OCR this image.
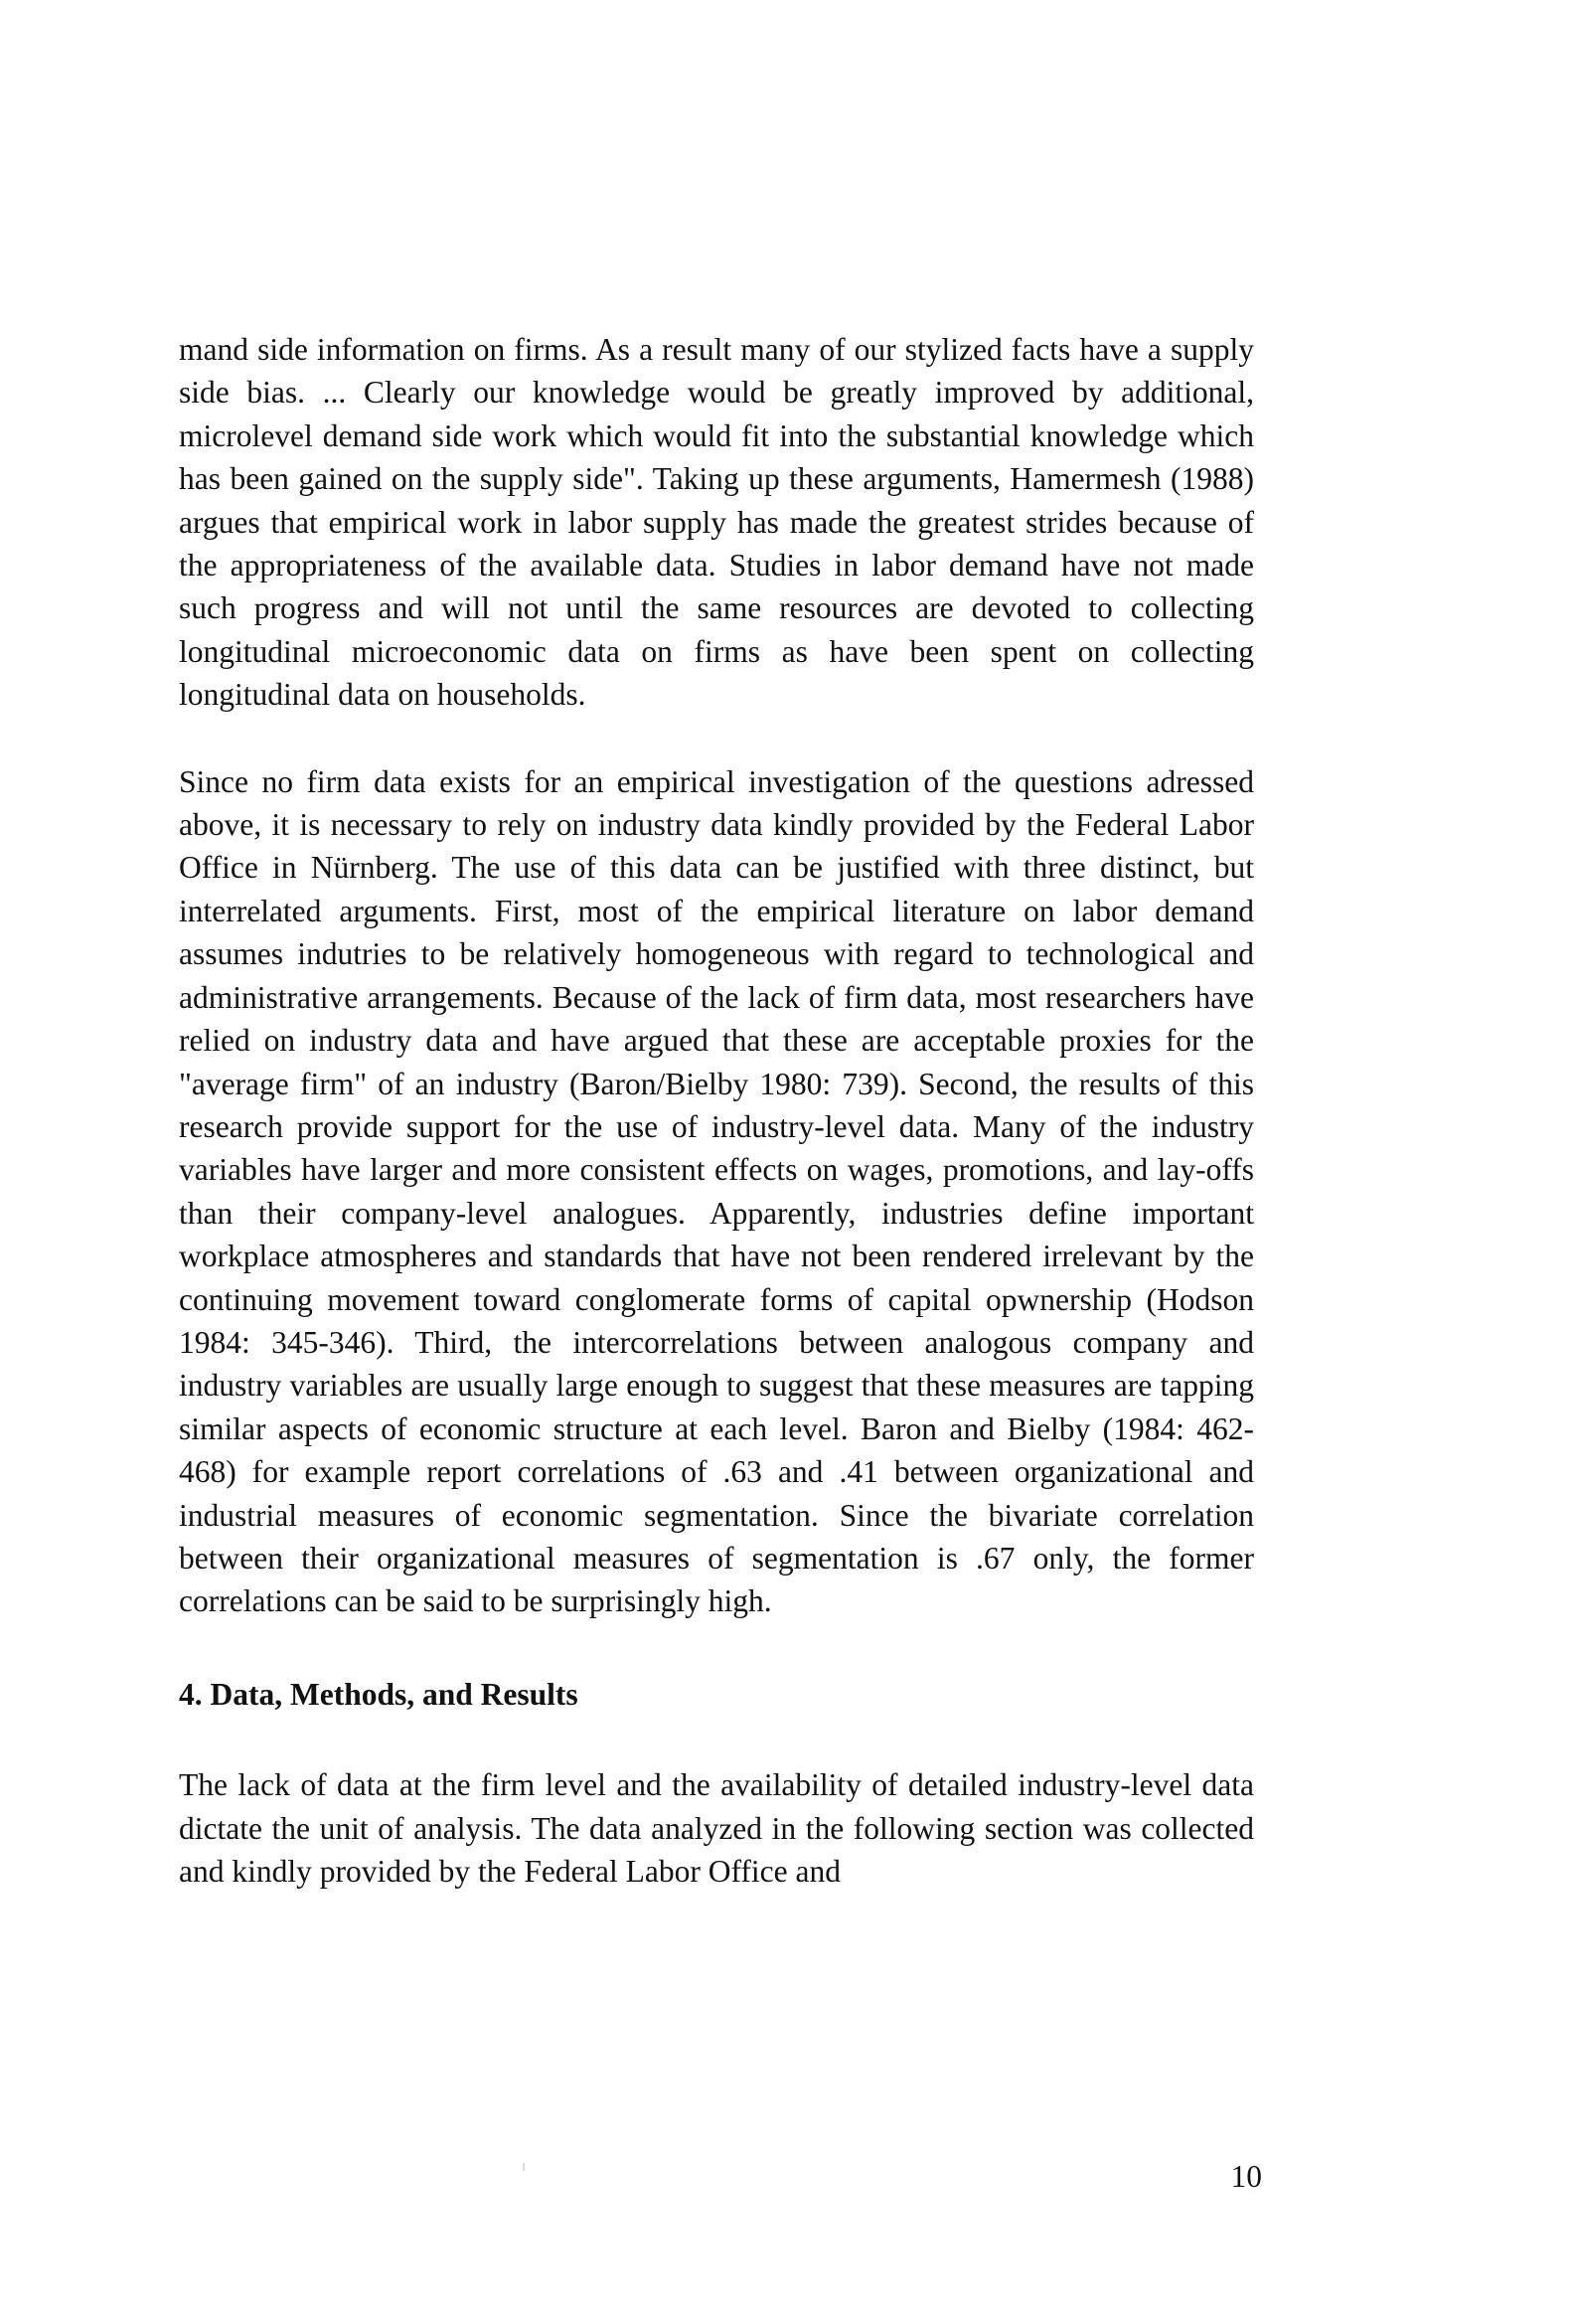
mand side information on firms. As a result many of our stylized facts have a supply side bias. ... Clearly our knowledge would be greatly improved by additional, microlevel demand side work which would fit into the substantial knowledge which has been gained on the supply side". Taking up these arguments, Hamermesh (1988) argues that empirical work in labor supply has made the greatest strides because of the appropriateness of the available data. Studies in labor demand have not made such progress and will not until the same resources are devoted to collecting longitudinal microeconomic data on firms as have been spent on collecting longitudinal data on households.

Since no firm data exists for an empirical investigation of the questions adressed above, it is necessary to rely on industry data kindly provided by the Federal Labor Office in Nürnberg. The use of this data can be justified with three distinct, but interrelated arguments. First, most of the empirical literature on labor demand assumes indutries to be relatively homogeneous with regard to technological and administrative arrangements. Because of the lack of firm data, most researchers have relied on industry data and have argued that these are acceptable proxies for the "average firm" of an industry (Baron/Bielby 1980: 739). Second, the results of this research provide support for the use of industry-level data. Many of the industry variables have larger and more consistent effects on wages, promotions, and lay-offs than their company-level analogues. Apparently, industries define important workplace atmospheres and standards that have not been rendered irrelevant by the continuing movement toward conglomerate forms of capital opwnership (Hodson 1984: 345-346). Third, the intercorrelations between analogous company and industry variables are usually large enough to suggest that these measures are tapping similar aspects of economic structure at each level. Baron and Bielby (1984: 462-468) for example report correlations of .63 and .41 between organizational and industrial measures of economic segmentation. Since the bivariate correlation between their organizational measures of segmentation is .67 only, the former correlations can be said to be surprisingly high.

4. Data, Methods, and Results

The lack of data at the firm level and the availability of detailed industry-level data dictate the unit of analysis. The data analyzed in the following section was collected and kindly provided by the Federal Labor Office and

10
